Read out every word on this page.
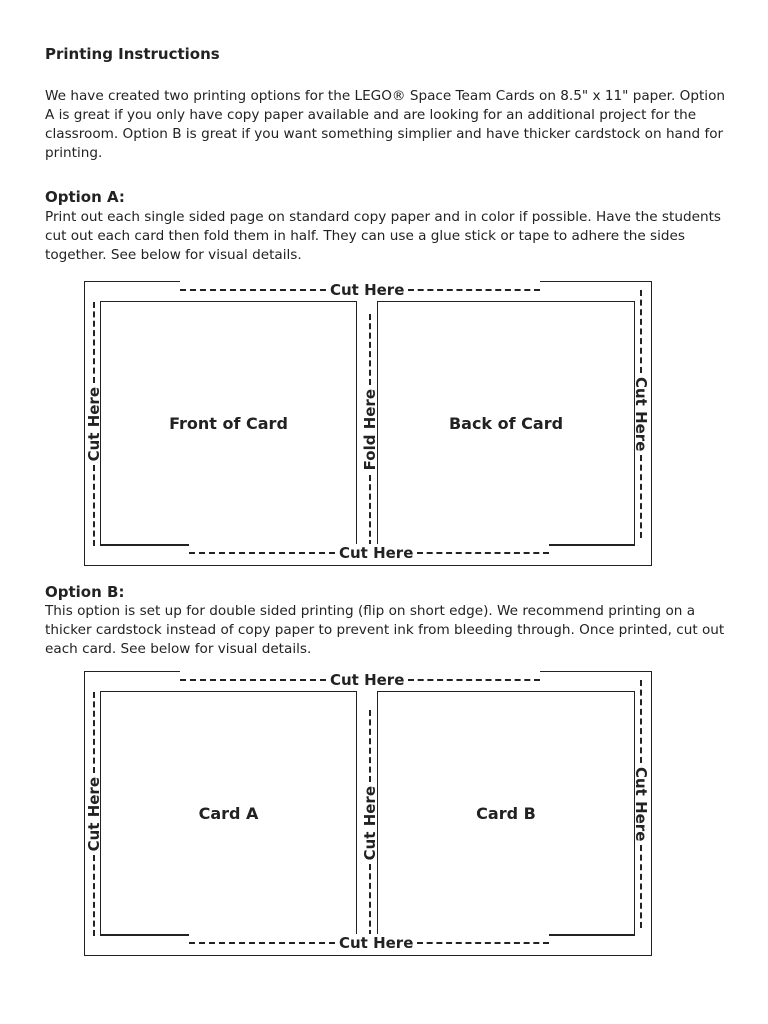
Printing Instructions

We have created two printing options for the LEGO® Space Team Cards on 8.5" x 11" paper. Option A is great if you only have copy paper available and are looking for an additional project for the classroom. Option B is great if you want something simplier and have thicker cardstock on hand for printing.

Option A:

Print out each single sided page on standard copy paper and in color if possible. Have the students cut out each card then fold them in half. They can use a glue stick or tape to adhere the sides together. See below for visual details.

Cut Here
Front of Card	Back of Card
Cut Here	Fold Here	Cut Here
Cut Here
Option B:

This option is set up for double sided printing (flip on short edge). We recommend printing on a thicker cardstock instead of copy paper to prevent ink from bleeding through. Once printed, cut out each card. See below for visual details.

Cut Here
Card A	Card B
Cut Here	Cut Here	Cut Here
Cut Here
